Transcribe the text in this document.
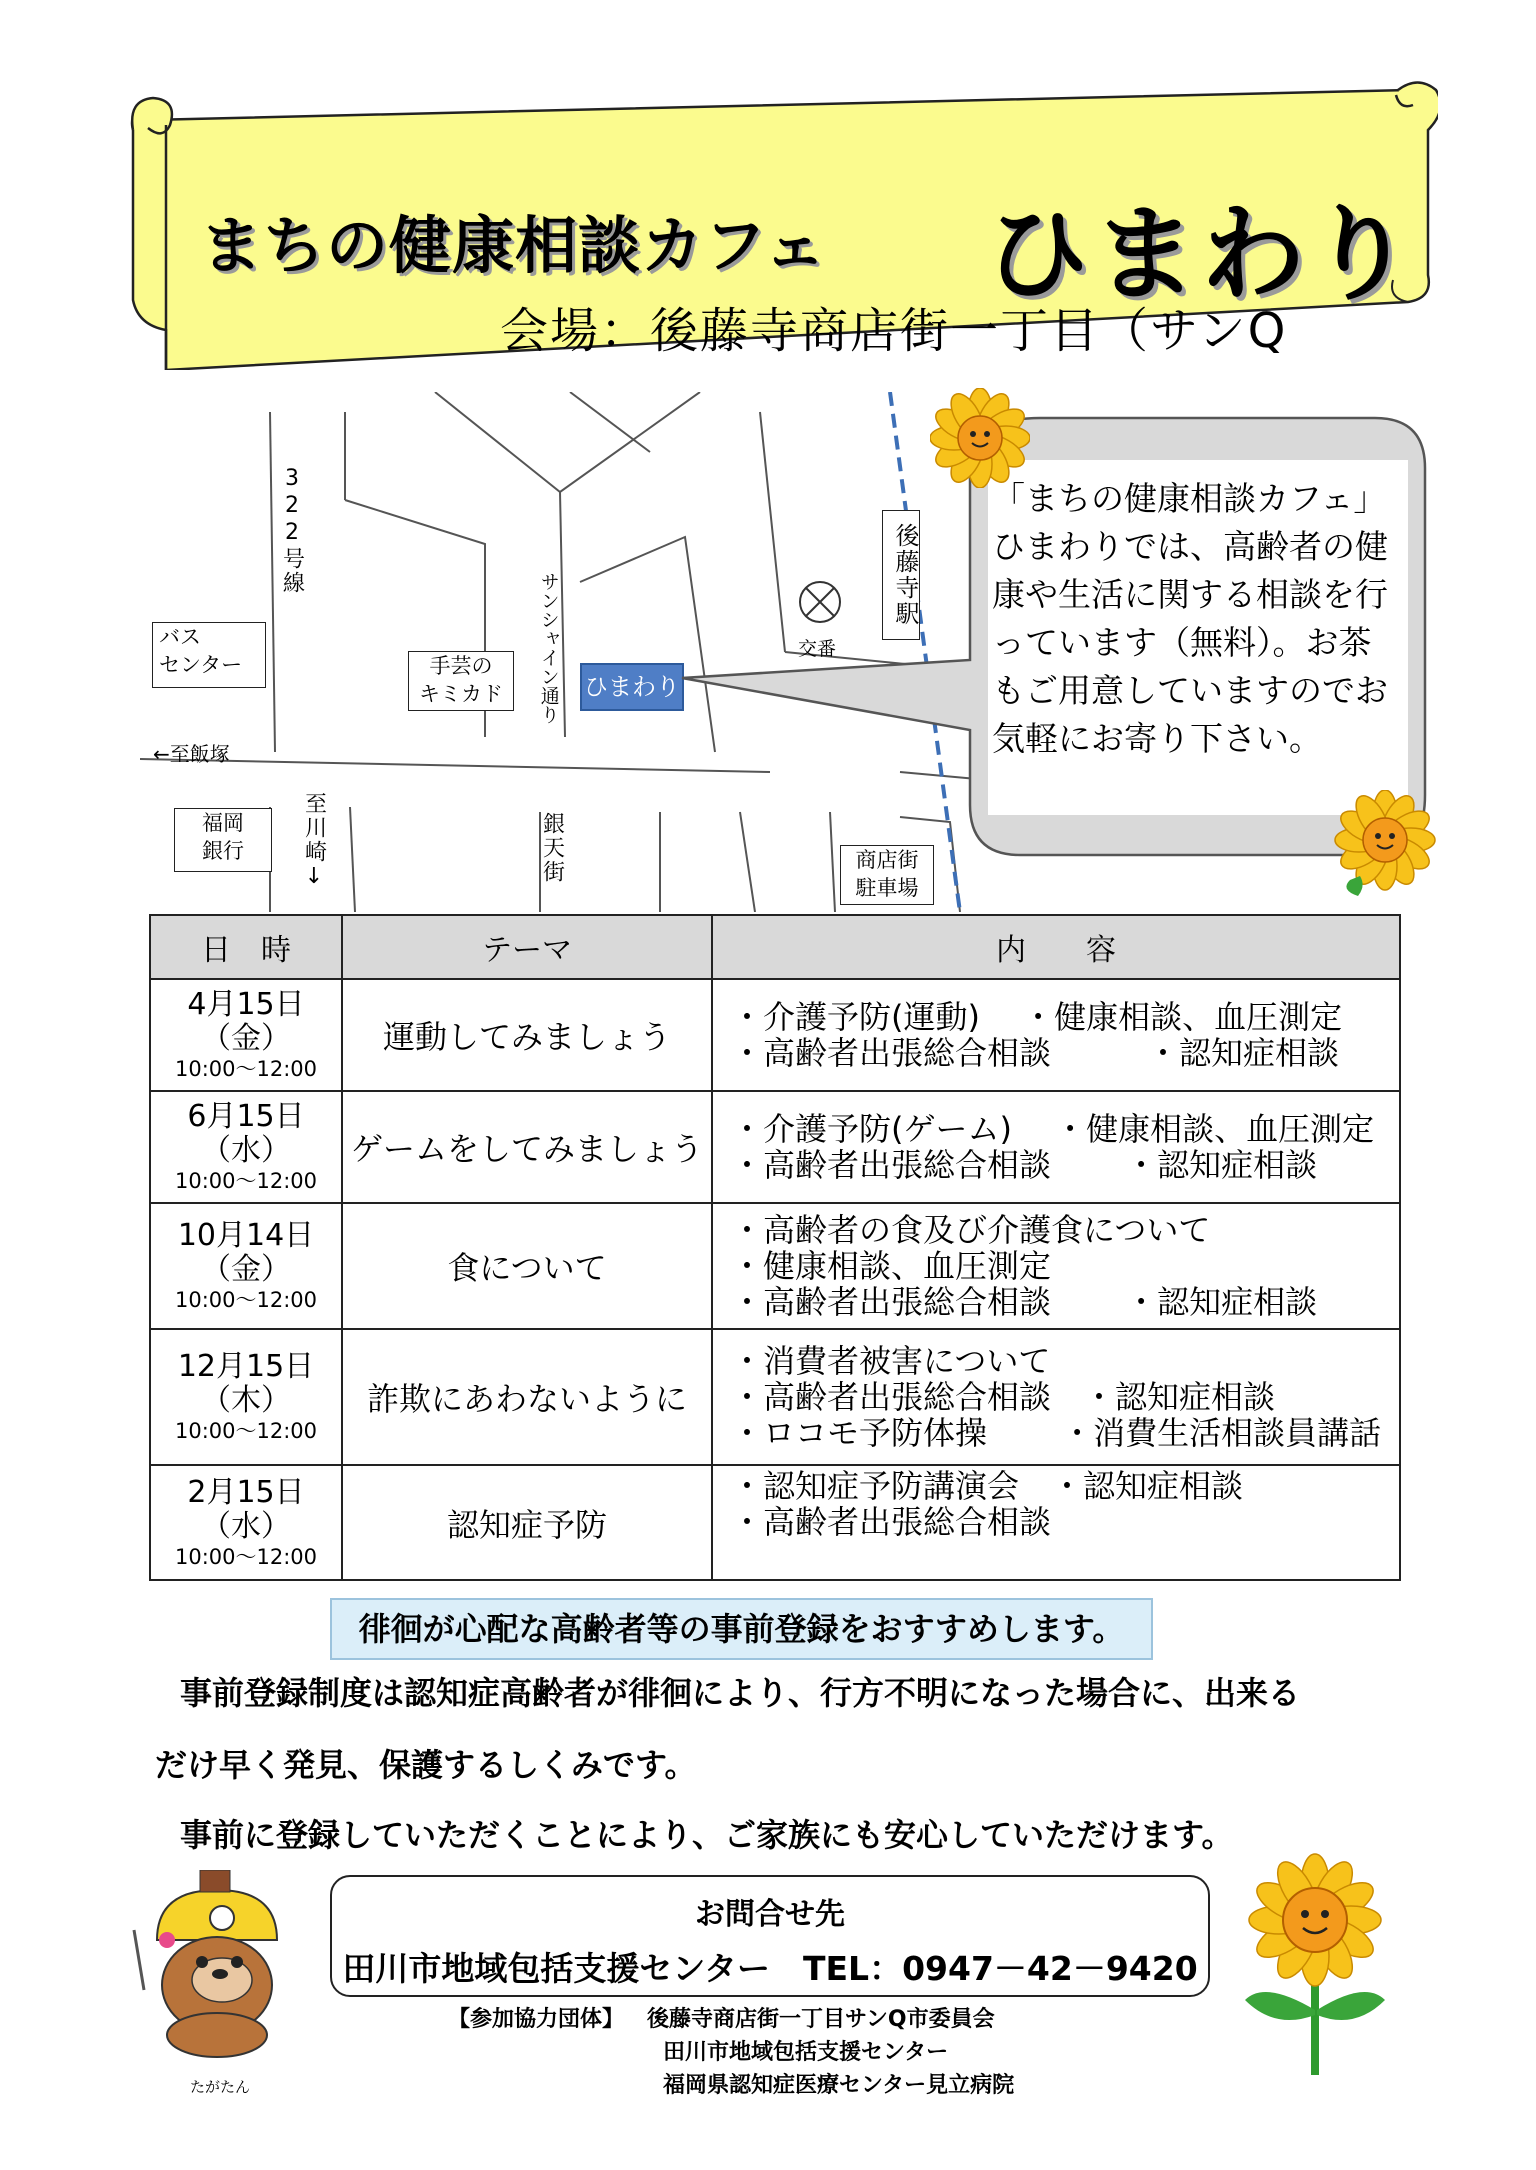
まちの健康相談カフェ ひまわり
会場：後藤寺商店街一丁目（サンQ
322号線
バス
センター
←至飯塚
福岡
銀行	至川崎↓
手芸の
キミカド	サンシャイン通り ひまわり
銀天街
交番
後藤寺駅
商店街
駐車場
「まちの健康相談カフェ」ひまわりでは、高齢者の健康や生活に関する相談を行っています（無料）。お茶もご用意していますのでお気軽にお寄り下さい。
日　時	テーマ	内　　容
4月15日
（金）
10:00～12:00	運動してみましょう	・介護予防(運動)　 ・健康相談、血圧測定
・高齢者出張総合相談　　　・認知症相談

6月15日
（水）
10:00～12:00	ゲームをしてみましょう	・介護予防(ゲーム)　 ・健康相談、血圧測定
・高齢者出張総合相談　　 ・認知症相談

10月14日
（金）
10:00～12:00	食について	・高齢者の食及び介護食について
・健康相談、血圧測定
・高齢者出張総合相談　　 ・認知症相談

12月15日
（木）
10:00～12:00	詐欺にあわないように	・消費者被害について
・高齢者出張総合相談　・認知症相談
・ロコモ予防体操　　 ・消費生活相談員講話

2月15日
（水）
10:00～12:00	認知症予防	・認知症予防講演会　・認知症相談
・高齢者出張総合相談
徘徊が心配な高齢者等の事前登録をおすすめします。
事前登録制度は認知症高齢者が徘徊により、行方不明になった場合に、出来る
だけ早く発見、保護するしくみです。
事前に登録していただくことにより、ご家族にも安心していただけます。
お問合せ先
田川市地域包括支援センター　TEL：0947－42－9420
【参加協力団体】 後藤寺商店街一丁目サンQ市委員会
田川市地域包括支援センター
福岡県認知症医療センター見立病院
たがたん
